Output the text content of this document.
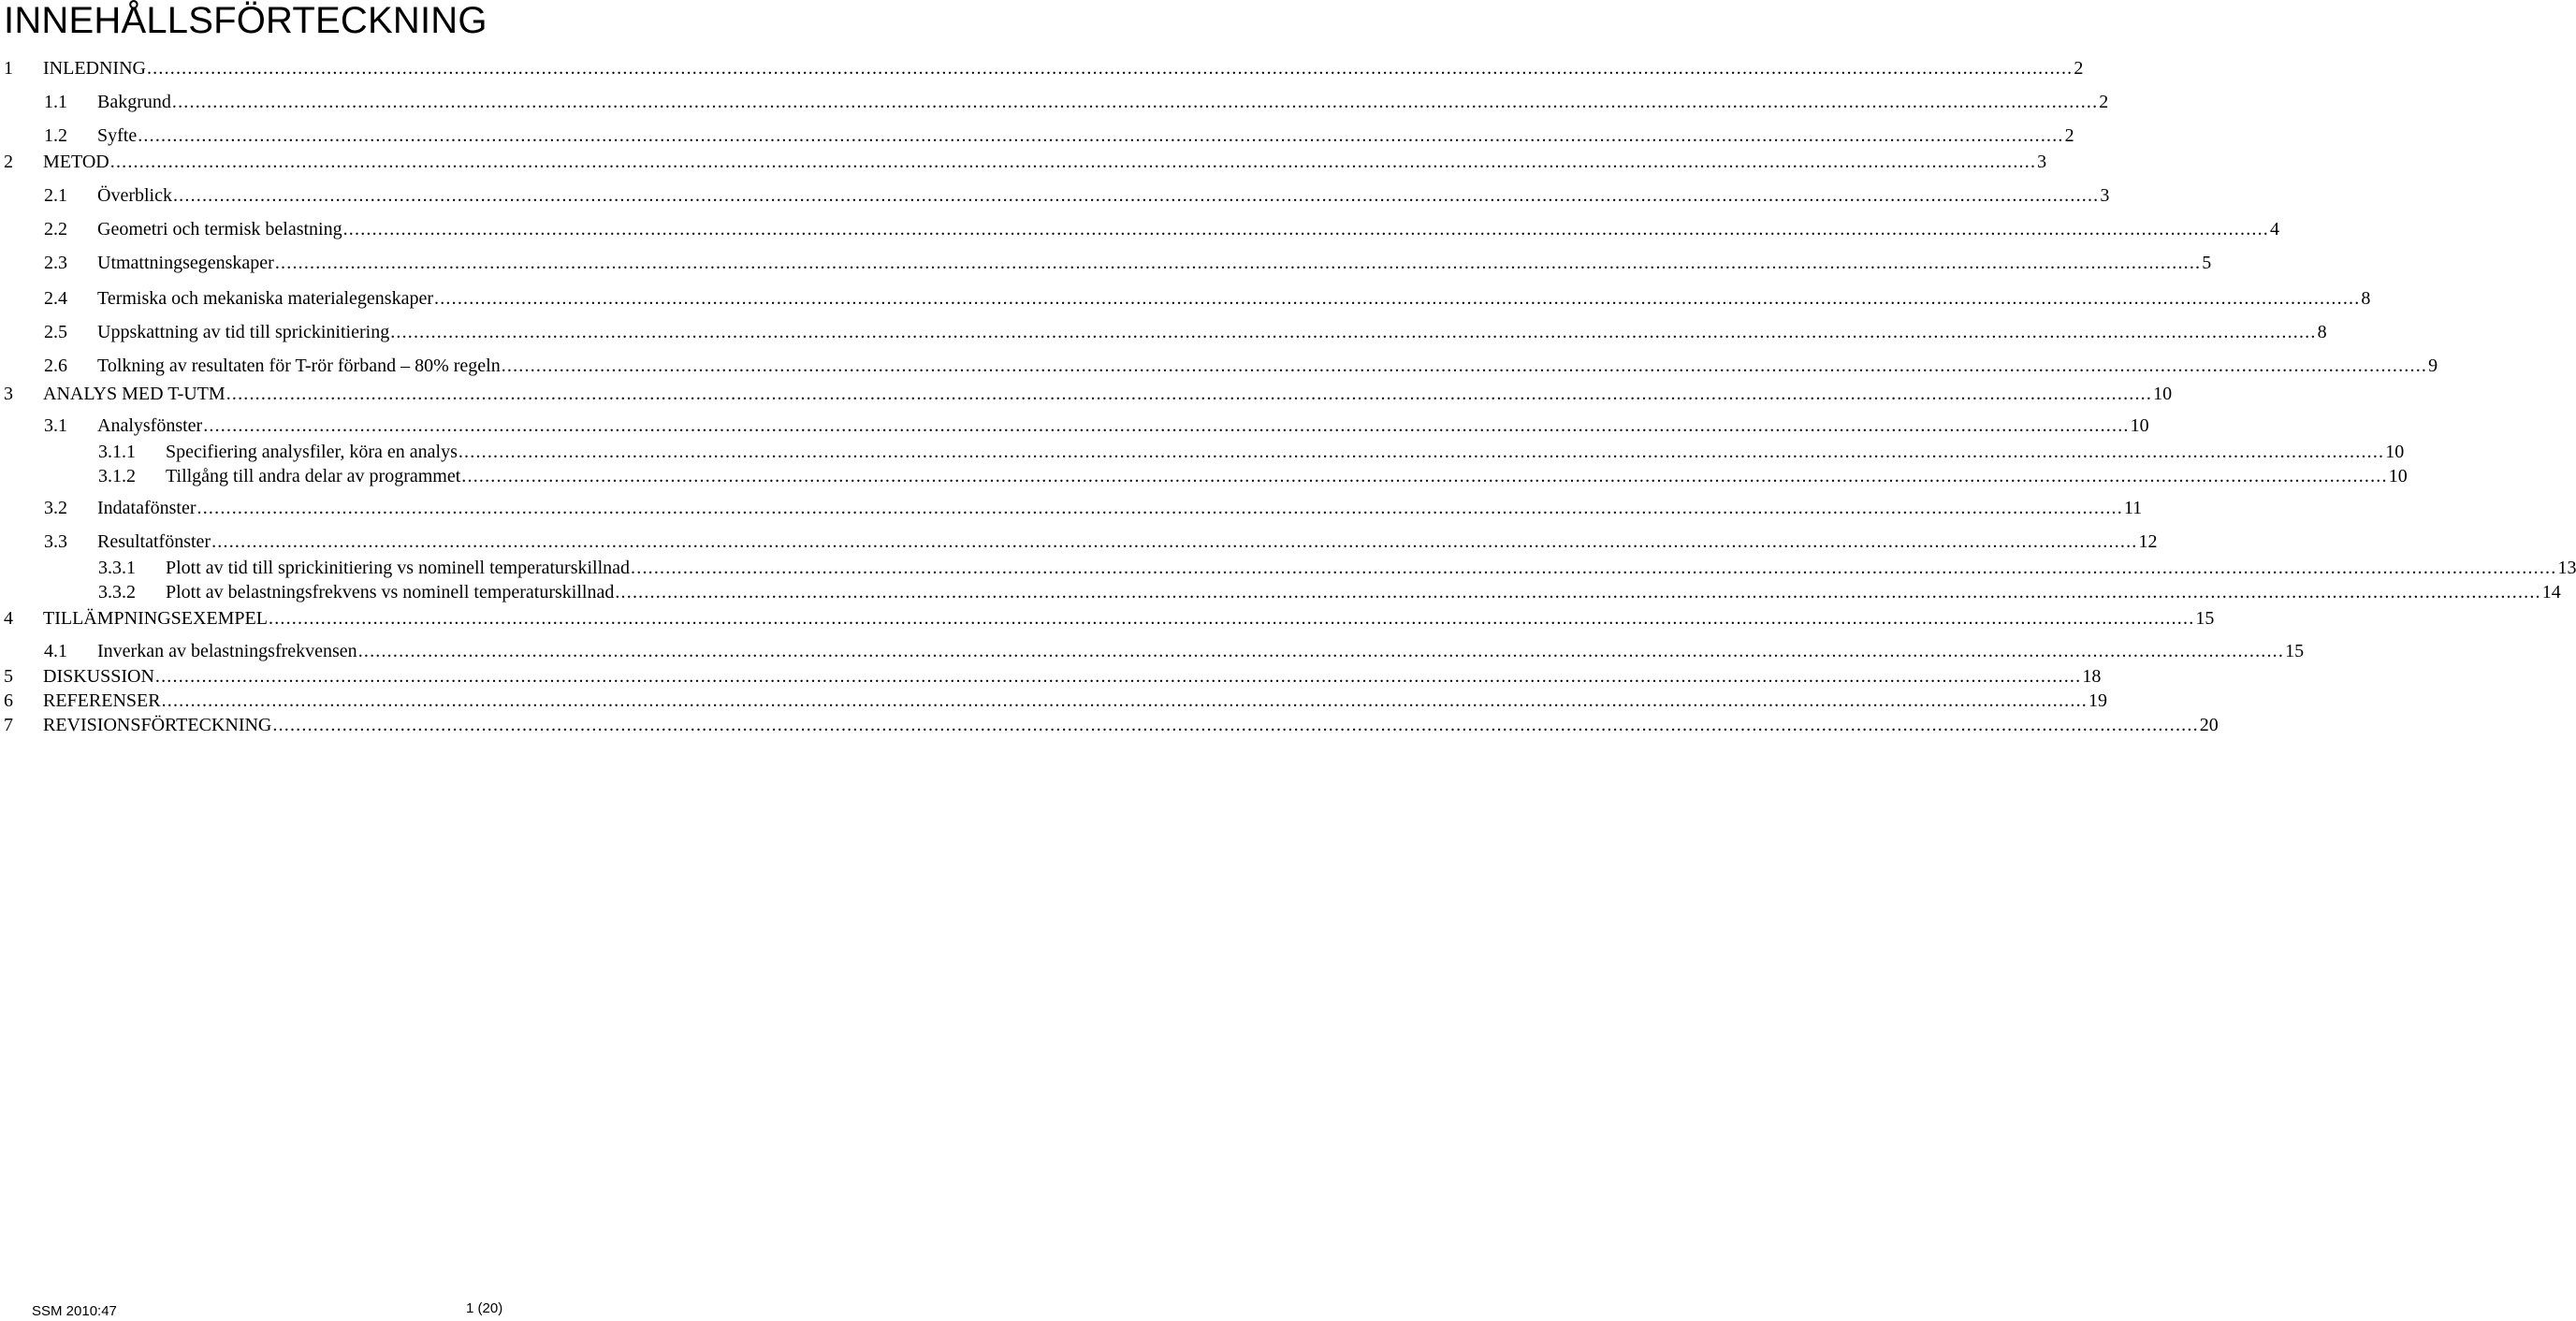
INNEHÅLLSFÖRTECKNING
1	INLEDNING .....	2
1.1	Bakgrund .....	2
1.2	Syfte .....	2
2	METOD .....	3
2.1	Överblick .....	3
2.2	Geometri och termisk belastning .....	4
2.3	Utmattningsegenskaper .....	5
2.4	Termiska och mekaniska materialegenskaper .....	8
2.5	Uppskattning av tid till sprickinitiering .....	8
2.6	Tolkning av resultaten för T-rör förband – 80% regeln .....	9
3	ANALYS MED T-UTM .....	10
3.1	Analysfönster .....	10
3.1.1	Specifiering analysfiler, köra en analys .....	10
3.1.2	Tillgång till andra delar av programmet .....	10
3.2	Indatafönster .....	11
3.3	Resultatfönster .....	12
3.3.1	Plott av tid till sprickinitiering vs nominell temperaturskillnad .....	13
3.3.2	Plott av belastningsfrekvens vs nominell temperaturskillnad .....	14
4	TILLÄMPNINGSEXEMPEL .....	15
4.1	Inverkan av belastningsfrekvensen .....	15
5	DISKUSSION .....	18
6	REFERENSER .....	19
7	REVISIONSFÖRTECKNING .....	20
SSM 2010:47	1 (20)
